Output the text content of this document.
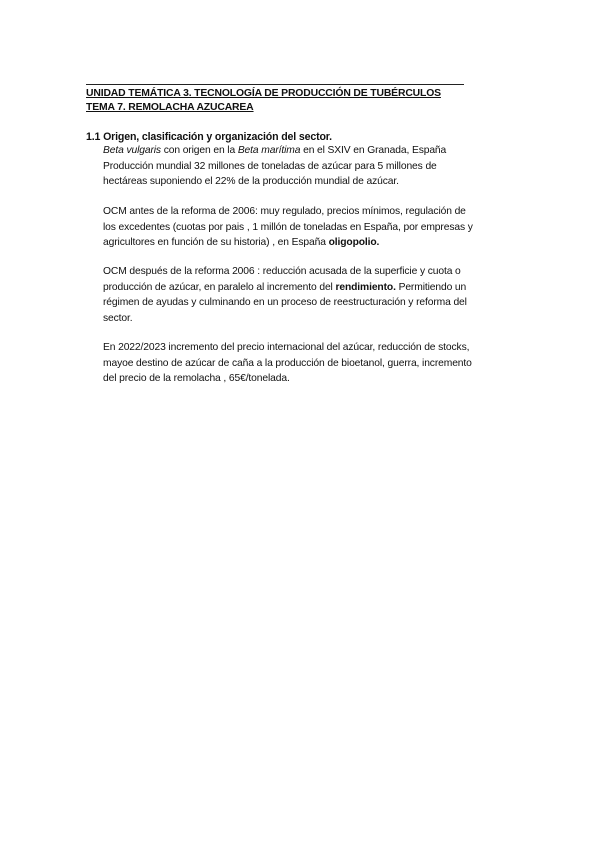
UNIDAD TEMÁTICA 3. TECNOLOGÍA DE PRODUCCIÓN DE TUBÉRCULOS
TEMA 7. REMOLACHA AZUCAREA
1.1 Origen, clasificación y organización del sector.
Beta vulgaris con origen en la Beta marítima en el SXIV en Granada, España
Producción mundial 32 millones de toneladas de azúcar para 5 millones de
hectáreas suponiendo el 22% de la producción mundial de azúcar.
OCM antes de la reforma de 2006: muy regulado, precios mínimos, regulación de
los excedentes (cuotas por pais , 1 millón de toneladas en España, por empresas y
agricultores en función de su historia) , en España oligopolio.
OCM después de la reforma 2006 : reducción acusada de la superficie y cuota o
producción de azúcar, en paralelo al incremento del rendimiento. Permitiendo un
régimen de ayudas y culminando en un proceso de reestructuración y reforma del
sector.
En 2022/2023 incremento del precio internacional del azúcar, reducción de stocks,
mayoe destino de azúcar de caña a la producción de bioetanol, guerra, incremento
del precio de la remolacha , 65€/tonelada.
